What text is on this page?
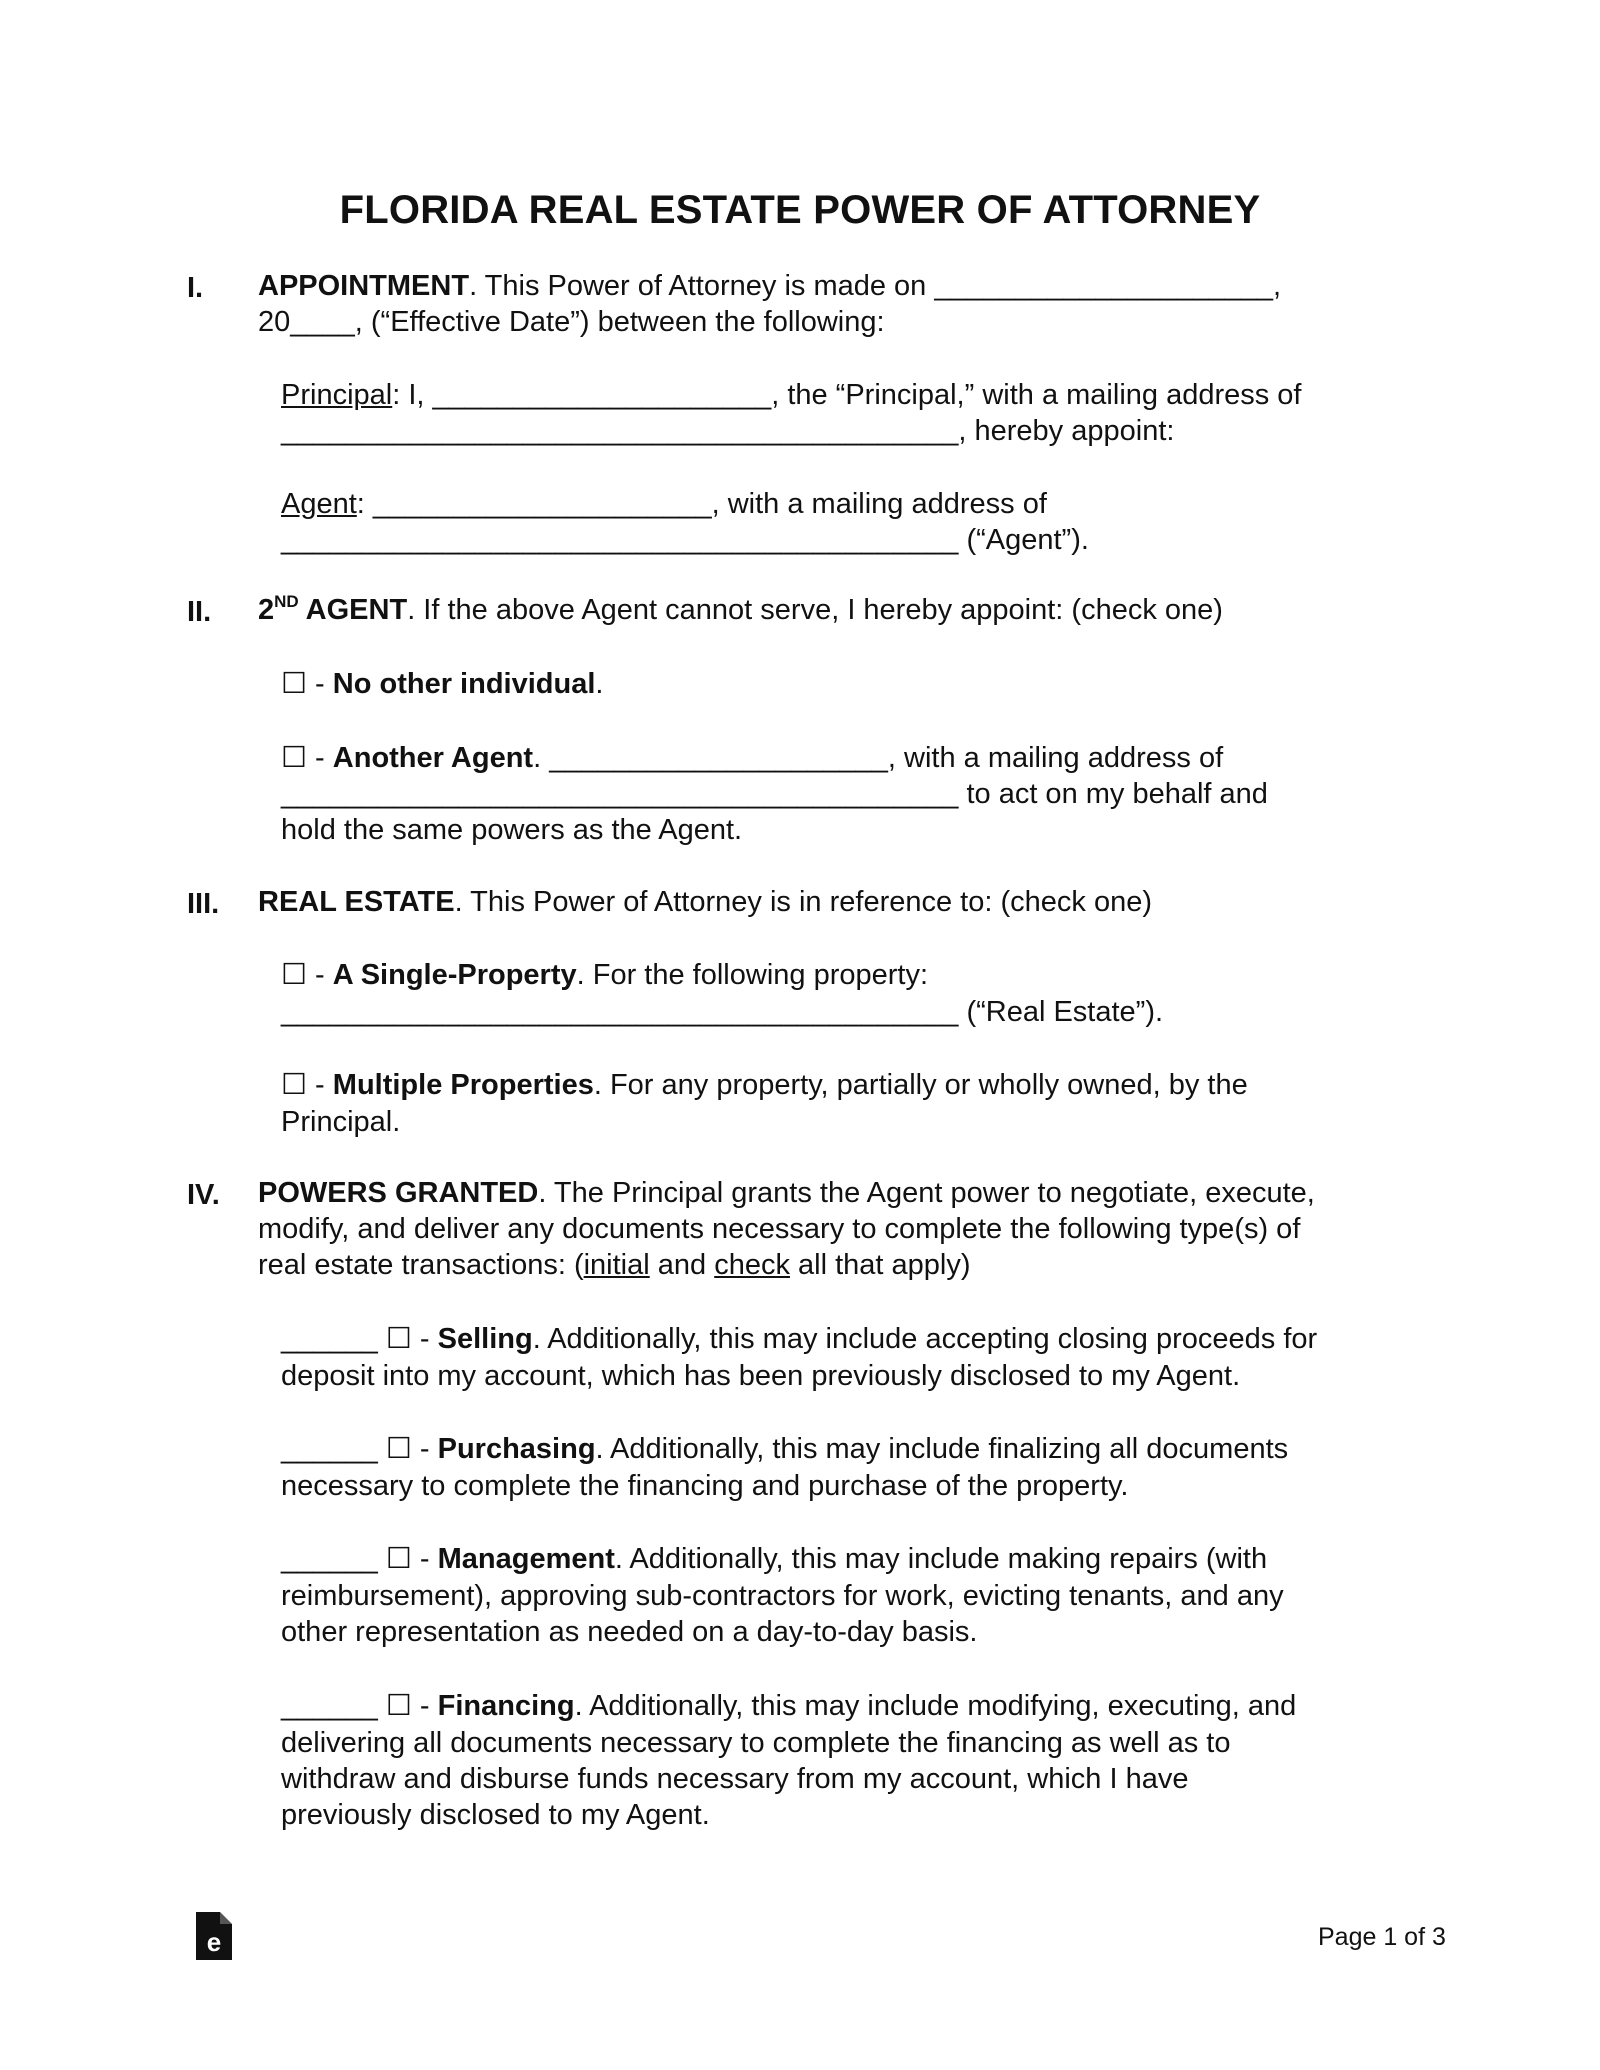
FLORIDA REAL ESTATE POWER OF ATTORNEY
I. APPOINTMENT. This Power of Attorney is made on _____________________,
20____, (“Effective Date”) between the following:
Principal: I, _____________________, the “Principal,” with a mailing address of
__________________________________________, hereby appoint:
Agent: _____________________, with a mailing address of
__________________________________________ (“Agent”).
II. 2ND AGENT. If the above Agent cannot serve, I hereby appoint: (check one)
☐ - No other individual.
☐ - Another Agent. _____________________, with a mailing address of
__________________________________________ to act on my behalf and
hold the same powers as the Agent.
III. REAL ESTATE. This Power of Attorney is in reference to: (check one)
☐ - A Single-Property. For the following property:
__________________________________________ (“Real Estate”).
☐ - Multiple Properties. For any property, partially or wholly owned, by the
Principal.
IV. POWERS GRANTED. The Principal grants the Agent power to negotiate, execute,
modify, and deliver any documents necessary to complete the following type(s) of
real estate transactions: (initial and check all that apply)
______ ☐ - Selling. Additionally, this may include accepting closing proceeds for
deposit into my account, which has been previously disclosed to my Agent.
______ ☐ - Purchasing. Additionally, this may include finalizing all documents
necessary to complete the financing and purchase of the property.
______ ☐ - Management. Additionally, this may include making repairs (with
reimbursement), approving sub-contractors for work, evicting tenants, and any
other representation as needed on a day-to-day basis.
______ ☐ - Financing. Additionally, this may include modifying, executing, and
delivering all documents necessary to complete the financing as well as to
withdraw and disburse funds necessary from my account, which I have
previously disclosed to my Agent.
e	Page 1 of 3
